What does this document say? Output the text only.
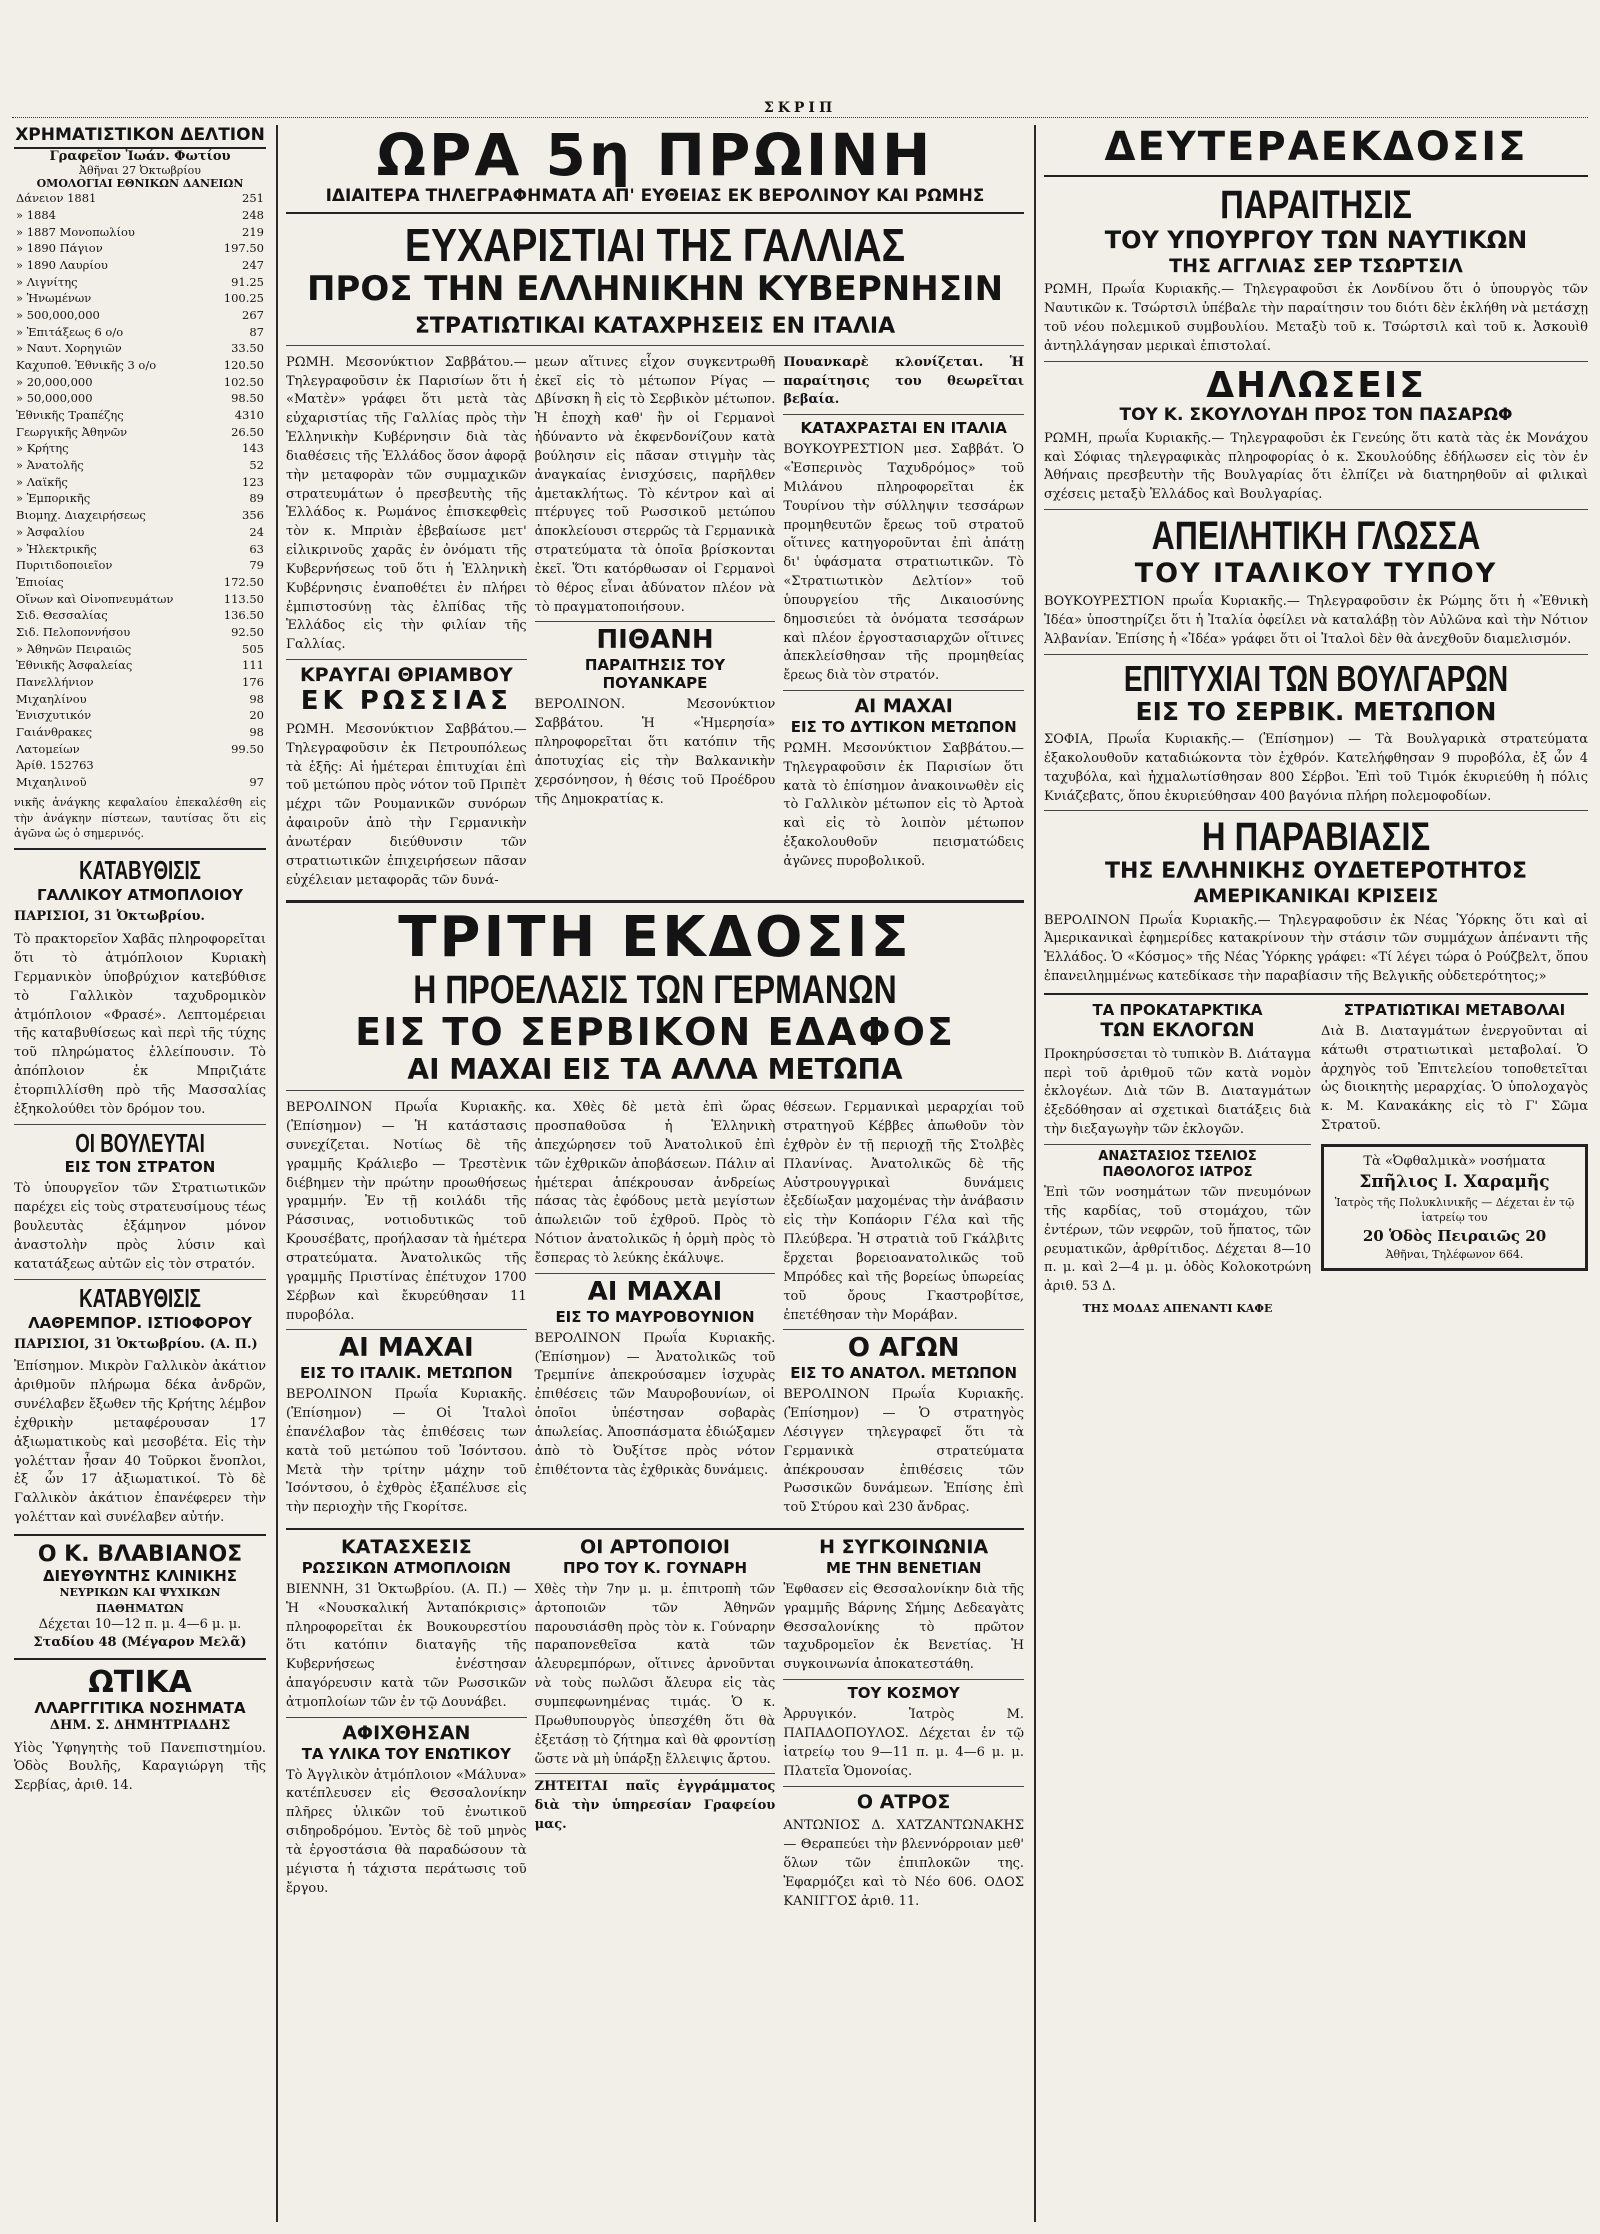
ΣΚΡΙΠ
ΧΡΗΜΑΤΙΣΤΙΚΟΝ ΔΕΛΤΙΟΝ
Γραφεῖον Ἰωάν. Φωτίου
Ἀθῆναι 27 Ὀκτωβρίου
ΟΜΟΛΟΓΙΑΙ ΕΘΝΙΚΩΝ ΔΑΝΕΙΩΝ
Δάνειον 1881	251
» 1884	248
» 1887 Μονοπωλίου	219
» 1890 Πάγιον	197.50
» 1890 Λαυρίου	247
» Λιγνίτης	91.25
» Ἡνωμένων	100.25
» 500,000,000	267
» Ἐπιτάξεως 6 ο/ο	87
» Ναυτ. Χορηγιῶν	33.50
Καχυποθ. Ἐθνικῆς 3 ο/ο	120.50
» 20,000,000	102.50
» 50,000,000	98.50
Ἐθνικῆς Τραπέζης	4310
Γεωργικῆς Ἀθηνῶν	26.50
» Κρήτης	143
» Ἀνατολῆς	52
» Λαϊκῆς	123
» Ἐμπορικῆς	89
Βιομηχ. Διαχειρήσεως	356
» Ἀσφαλίου	24
» Ἠλεκτρικῆς	63
Πυριτιδοποιεῖον	79
Ἐπιοίας	172.50
Οἴνων καὶ Οἰνοπνευμάτων	113.50
Σιδ. Θεσσαλίας	136.50
Σιδ. Πελοποννήσου	92.50
» Ἀθηνῶν Πειραιῶς	505
Ἐθνικῆς Ἀσφαλείας	111
Πανελλήνιον	176
Μιχαηλίνου	98
Ἐνισχυτικόν	20
Γαιάνθρακες	98
Λατομείων	99.50
Ἀρίθ. 152763	
Μιχαηλινοῦ	97

νικῆς ἀνάγκης κεφαλαίου ἐπεκαλέσθη εἰς τὴν ἀνάγκην πίστεων, ταυτίσας ὅτι εἰς ἀγῶνα ὡς ὁ σημερινός.

ΚΑΤΑΒΥΘΙΣΙΣ
ΓΑΛΛΙΚΟΥ ΑΤΜΟΠΛΟΙΟΥ

ΠΑΡΙΣΙΟΙ, 31 Ὀκτωβρίου.

Τὸ πρακτορεῖον Χαβᾶς πληροφορεῖται ὅτι τὸ ἀτμόπλοιον Κυριακὴ Γερμανικὸν ὑποβρύχιον κατεβύθισε τὸ Γαλλικὸν ταχυδρομικὸν ἀτμόπλοιον «Φρασέ». Λεπτομέρειαι τῆς καταβυθίσεως καὶ περὶ τῆς τύχης τοῦ πληρώματος ἐλλείπουσιν. Τὸ ἀπόπλοιον ἐκ Μπριζιάτε ἐτορπιλλίσθη πρὸ τῆς Μασσαλίας ἐξηκολούθει τὸν δρόμον του.

ΟΙ ΒΟΥΛΕΥΤΑΙ
ΕΙΣ ΤΟΝ ΣΤΡΑΤΟΝ

Τὸ ὑπουργεῖον τῶν Στρατιωτικῶν παρέχει εἰς τοὺς στρατευσίμους τέως βουλευτὰς ἐξάμηνον μόνον ἀναστολὴν πρὸς λύσιν καὶ κατατάξεως αὐτῶν εἰς τὸν στρατόν.

ΚΑΤΑΒΥΘΙΣΙΣ
ΛΑΘΡΕΜΠΟΡ. ΙΣΤΙΟΦΟΡΟΥ

ΠΑΡΙΣΙΟΙ, 31 Ὀκτωβρίου. (Α. Π.)

Ἐπίσημον. Μικρὸν Γαλλικὸν ἀκάτιον ἀριθμοῦν πλήρωμα δέκα ἀνδρῶν, συνέλαβεν ἔξωθεν τῆς Κρήτης λέμβον ἐχθρικὴν μεταφέρουσαν 17 ἀξιωματικοὺς καὶ μεσοβέτα. Εἰς τὴν γολέτταν ἦσαν 40 Τοῦρκοι ἔνοπλοι, ἐξ ὧν 17 ἀξιωματικοί. Τὸ δὲ Γαλλικὸν ἀκάτιον ἐπανέφερεν τὴν γολέτταν καὶ συνέλαβεν αὐτήν.

Ο Κ. ΒΛΑΒΙΑΝΟΣ
ΔΙΕΥΘΥΝΤΗΣ ΚΛΙΝΙΚΗΣ
ΝΕΥΡΙΚΩΝ ΚΑΙ ΨΥΧΙΚΩΝ ΠΑΘΗΜΑΤΩΝ
Δέχεται 10—12 π. μ. 4—6 μ. μ.
Σταδίου 48 (Μέγαρον Μελᾶ)
ΩΤΙΚΑ
ΛΛΑΡΓΓΙΤΙΚΑ ΝΟΣΗΜΑΤΑ
ΔΗΜ. Σ. ΔΗΜΗΤΡΙΑΔΗΣ

Υἱὸς Ὑφηγητὴς τοῦ Πανεπιστημίου. Ὁδὸς Βουλῆς, Καραγιώργη τῆς Σερβίας, ἀριθ. 14.

ΩΡΑ 5η ΠΡΩΙΝΗ
ΙΔΙΑΙΤΕΡΑ ΤΗΛΕΓΡΑΦΗΜΑΤΑ ΑΠ' ΕΥΘΕΙΑΣ ΕΚ ΒΕΡΟΛΙΝΟΥ ΚΑΙ ΡΩΜΗΣ
ΕΥΧΑΡΙΣΤΙΑΙ ΤΗΣ ΓΑΛΛΙΑΣ
ΠΡΟΣ ΤΗΝ ΕΛΛΗΝΙΚΗΝ ΚΥΒΕΡΝΗΣΙΝ
ΣΤΡΑΤΙΩΤΙΚΑΙ ΚΑΤΑΧΡΗΣΕΙΣ ΕΝ ΙΤΑΛΙΑ

ΡΩΜΗ. Μεσονύκτιον Σαββάτου.— Τηλεγραφοῦσιν ἐκ Παρισίων ὅτι ἡ «Ματὲν» γράφει ὅτι μετὰ τὰς εὐχαριστίας τῆς Γαλλίας πρὸς τὴν Ἑλληνικὴν Κυβέρνησιν διὰ τὰς διαθέσεις τῆς Ἑλλάδος ὅσον ἀφορᾷ τὴν μεταφορὰν τῶν συμμαχικῶν στρατευμάτων ὁ πρεσβευτὴς τῆς Ἑλλάδος κ. Ρωμάνος ἐπισκεφθεὶς τὸν κ. Μπριὰν ἐβεβαίωσε μετ' εἰλικρινοῦς χαρᾶς ἐν ὀνόματι τῆς Κυβερνήσεως τοῦ ὅτι ἡ Ἑλληνικὴ Κυβέρνησις ἐναποθέτει ἐν πλήρει ἐμπιστοσύνῃ τὰς ἐλπίδας τῆς Ἑλλάδος εἰς τὴν φιλίαν τῆς Γαλλίας.

ΚΡΑΥΓΑΙ ΘΡΙΑΜΒΟΥ
ΕΚ ΡΩΣΣΙΑΣ

ΡΩΜΗ. Μεσονύκτιον Σαββάτου.— Τηλεγραφοῦσιν ἐκ Πετρουπόλεως τὰ ἑξῆς: Αἱ ἡμέτεραι ἐπιτυχίαι ἐπὶ τοῦ μετώπου πρὸς νότον τοῦ Πριπὲτ μέχρι τῶν Ρουμανικῶν συνόρων ἀφαιροῦν ἀπὸ τὴν Γερμανικὴν ἀνωτέραν διεύθυνσιν τῶν στρατιωτικῶν ἐπιχειρήσεων πᾶσαν εὐχέλειαν μεταφορᾶς τῶν δυνά-

μεων αἵτινες εἶχον συγκεντρωθῆ ἐκεῖ εἰς τὸ μέτωπον Ρίγας — Δβίνσκη ἢ εἰς τὸ Σερβικὸν μέτωπον. Ἡ ἐποχὴ καθ' ἣν οἱ Γερμανοὶ ἠδύναντο νὰ ἐκφενδονίζουν κατὰ βούλησιν εἰς πᾶσαν στιγμὴν τὰς ἀναγκαίας ἐνισχύσεις, παρῆλθεν ἀμετακλήτως. Τὸ κέντρον καὶ αἱ πτέρυγες τοῦ Ρωσσικοῦ μετώπου ἀποκλείουσι στερρῶς τὰ Γερμανικὰ στρατεύματα τὰ ὁποῖα βρίσκονται ἐκεῖ. Ὅτι κατόρθωσαν οἱ Γερμανοὶ τὸ θέρος εἶναι ἀδύνατον πλέον νὰ τὸ πραγματοποιήσουν.

ΠΙΘΑΝΗ
ΠΑΡΑΙΤΗΣΙΣ ΤΟΥ ΠΟΥΑΝΚΑΡΕ

ΒΕΡΟΛΙΝΟΝ. Μεσονύκτιον Σαββάτου. Ἡ «Ἡμερησία» πληροφορεῖται ὅτι κατόπιν τῆς ἀποτυχίας εἰς τὴν Βαλκανικὴν χερσόνησον, ἡ θέσις τοῦ Προέδρου τῆς Δημοκρατίας κ.

Πουανκαρὲ κλονίζεται. Ἡ παραίτησις του θεωρεῖται βεβαία.

ΚΑΤΑΧΡΑΣΤΑΙ ΕΝ ΙΤΑΛΙΑ

ΒΟΥΚΟΥΡΕΣΤΙΟΝ μεσ. Σαββάτ. Ὁ «Ἐσπερινὸς Ταχυδρόμος» τοῦ Μιλάνου πληροφορεῖται ἐκ Τουρίνου τὴν σύλληψιν τεσσάρων προμηθευτῶν ἔρεως τοῦ στρατοῦ οἵτινες κατηγοροῦνται ἐπὶ ἀπάτῃ δι' ὑφάσματα στρατιωτικῶν. Τὸ «Στρατιωτικὸν Δελτίον» τοῦ ὑπουργείου τῆς Δικαιοσύνης δημοσιεύει τὰ ὀνόματα τεσσάρων καὶ πλέον ἐργοστασιαρχῶν οἵτινες ἀπεκλείσθησαν τῆς προμηθείας ἔρεως διὰ τὸν στρατόν.

ΑΙ ΜΑΧΑΙ
ΕΙΣ ΤΟ ΔΥΤΙΚΟΝ ΜΕΤΩΠΟΝ

ΡΩΜΗ. Μεσονύκτιον Σαββάτου.— Τηλεγραφοῦσιν ἐκ Παρισίων ὅτι κατὰ τὸ ἐπίσημον ἀνακοινωθὲν εἰς τὸ Γαλλικὸν μέτωπον εἰς τὸ Ἀρτοὰ καὶ εἰς τὸ λοιπὸν μέτωπον ἐξακολουθοῦν πεισματώδεις ἀγῶνες πυροβολικοῦ.

ΤΡΙΤΗ ΕΚΔΟΣΙΣ
Η ΠΡΟΕΛΑΣΙΣ ΤΩΝ ΓΕΡΜΑΝΩΝ
ΕΙΣ ΤΟ ΣΕΡΒΙΚΟΝ ΕΔΑΦΟΣ
ΑΙ ΜΑΧΑΙ ΕΙΣ ΤΑ ΑΛΛΑ ΜΕΤΩΠΑ

ΒΕΡΟΛΙΝΟΝ Πρωΐα Κυριακῆς. (Ἐπίσημον) — Ἡ κατάστασις συνεχίζεται. Νοτίως δὲ τῆς γραμμῆς Κράλιεβο — Τρεστὲνικ διέβημεν τὴν πρώτην προωθήσεως γραμμήν. Ἐν τῇ κοιλάδι τῆς Ράσσινας, νοτιοδυτικῶς τοῦ Κρουσέβατς, προήλασαν τὰ ἡμέτερα στρατεύματα. Ἀνατολικῶς τῆς γραμμῆς Πριστίνας ἐπέτυχον 1700 Σέρβων καὶ ἔκυρεύθησαν 11 πυροβόλα.

ΑΙ ΜΑΧΑΙ
ΕΙΣ ΤΟ ΙΤΑΛΙΚ. ΜΕΤΩΠΟΝ

ΒΕΡΟΛΙΝΟΝ Πρωΐα Κυριακῆς. (Ἐπίσημον) — Οἱ Ἰταλοὶ ἐπανέλαβον τὰς ἐπιθέσεις των κατὰ τοῦ μετώπου τοῦ Ἰσόντσου. Μετὰ τὴν τρίτην μάχην τοῦ Ἰσόντσου, ὁ ἐχθρὸς ἐξαπέλυσε εἰς τὴν περιοχὴν τῆς Γκορίτσε.

κα. Χθὲς δὲ μετὰ ἐπὶ ὥρας προσπαθοῦσα ἡ Ἑλληνικὴ ἀπεχώρησεν τοῦ Ἀνατολικοῦ ἐπὶ τῶν ἐχθρικῶν ἀποβάσεων. Πάλιν αἱ ἡμέτεραι ἀπέκρουσαν ἀνδρείως πάσας τὰς ἐφόδους μετὰ μεγίστων ἀπωλειῶν τοῦ ἐχθροῦ. Πρὸς τὸ Νότιον ἀνατολικῶς ἡ ὁρμὴ πρὸς τὸ ἔσπερας τὸ λεύκης ἐκάλυψε.

ΑΙ ΜΑΧΑΙ
ΕΙΣ ΤΟ ΜΑΥΡΟΒΟΥΝΙΟΝ

ΒΕΡΟΛΙΝΟΝ Πρωΐα Κυριακῆς. (Ἐπίσημον) — Ἀνατολικῶς τοῦ Τρεμπίνε ἀπεκρούσαμεν ἰσχυρὰς ἐπιθέσεις τῶν Μαυροβουνίων, οἱ ὁποῖοι ὑπέστησαν σοβαρὰς ἀπωλείας. Ἀποσπάσματα ἐδιώξαμεν ἀπὸ τὸ Ὀυξίτσε πρὸς νότον ἐπιθέτοντα τὰς ἐχθρικὰς δυνάμεις.

θέσεων. Γερμανικαὶ μεραρχίαι τοῦ στρατηγοῦ Κέββες ἀπωθοῦν τὸν ἐχθρὸν ἐν τῇ περιοχῇ τῆς Στολβὲς Πλανίνας. Ἀνατολικῶς δὲ τῆς Αὐστρουγγρικαὶ δυνάμεις ἐξεδίωξαν μαχομένας τὴν ἀνάβασιν εἰς τὴν Κοπάοριν Γέλα καὶ τῆς Πλεύβερα. Ἡ στρατιὰ τοῦ Γκάλβιτς ἔρχεται βορειοανατολικῶς τοῦ Μπρόδες καὶ τῆς βορείως ὑπωρείας τοῦ ὄρους Γκαστροβίτσε, ἐπετέθησαν τὴν Μοράβαν.

Ο ΑΓΩΝ
ΕΙΣ ΤΟ ΑΝΑΤΟΛ. ΜΕΤΩΠΟΝ

ΒΕΡΟΛΙΝΟΝ Πρωΐα Κυριακῆς. (Ἐπίσημον) — Ὁ στρατηγὸς Λέσιγγεν τηλεγραφεῖ ὅτι τὰ Γερμανικὰ στρατεύματα ἀπέκρουσαν ἐπιθέσεις τῶν Ρωσσικῶν δυνάμεων. Ἐπίσης ἐπὶ τοῦ Στύρου καὶ 230 ἄνδρας.

ΚΑΤΑΣΧΕΣΙΣ
ΡΩΣΣΙΚΩΝ ΑΤΜΟΠΛΟΙΩΝ

ΒΙΕΝΝΗ, 31 Ὀκτωβρίου. (Α. Π.) — Ἡ «Νουσκαλική Ἀνταπόκρισις» πληροφορεῖται ἐκ Βουκουρεστίου ὅτι κατόπιν διαταγῆς τῆς Κυβερνήσεως ἐνέστησαν ἀπαγόρευσιν κατὰ τῶν Ρωσσικῶν ἀτμοπλοίων τῶν ἐν τῷ Δουνάβει.

ΑΦΙΧΘΗΣΑΝ
ΤΑ ΥΛΙΚΑ ΤΟΥ ΕΝΩΤΙΚΟΥ

Τὸ Ἀγγλικὸν ἀτμόπλοιον «Μάλυνα» κατέπλευσεν εἰς Θεσσαλονίκην πλῆρες ὑλικῶν τοῦ ἐνωτικοῦ σιδηροδρόμου. Ἐντὸς δὲ τοῦ μηνὸς τὰ ἐργοστάσια θὰ παραδώσουν τὰ μέγιστα ἡ τάχιστα περάτωσις τοῦ ἔργου.

ΟΙ ΑΡΤΟΠΟΙΟΙ
ΠΡΟ ΤΟΥ Κ. ΓΟΥΝΑΡΗ

Χθὲς τὴν 7ην μ. μ. ἐπιτροπὴ τῶν ἀρτοποιῶν τῶν Ἀθηνῶν παρουσιάσθη πρὸς τὸν κ. Γούναρην παραπονεθεῖσα κατὰ τῶν ἀλευρεμπόρων, οἵτινες ἀρνοῦνται νὰ τοὺς πωλῶσι ἄλευρα εἰς τὰς συμπεφωνημένας τιμάς. Ὁ κ. Πρωθυπουργὸς ὑπεσχέθη ὅτι θὰ ἐξετάσῃ τὸ ζήτημα καὶ θὰ φροντίσῃ ὥστε νὰ μὴ ὑπάρξῃ ἔλλειψις ἄρτου.

ΖΗΤΕΙΤΑΙ παῖς ἐγγράμματος διὰ τὴν ὑπηρεσίαν Γραφείου μας.

Η ΣΥΓΚΟΙΝΩΝΙΑ
ΜΕ ΤΗΝ ΒΕΝΕΤΙΑΝ

Ἐφθασεν εἰς Θεσσαλονίκην διὰ τῆς γραμμῆς Βάρνης Σήμης Δεδεαγὰτς Θεσσαλονίκης τὸ πρῶτον ταχυδρομεῖον ἐκ Βενετίας. Ἡ συγκοινωνία ἀποκατεστάθη.

ΤΟΥ ΚΟΣΜΟΥ

Ἀρρυγικόν. Ἰατρὸς Μ. ΠΑΠΑΔΟΠΟΥΛΟΣ. Δέχεται ἐν τῷ ἰατρείῳ του 9—11 π. μ. 4—6 μ. μ. Πλατεῖα Ὁμονοίας.

Ο ΑΤΡΟΣ

ΑΝΤΩΝΙΟΣ Δ. ΧΑΤΖΑΝΤΩΝΑΚΗΣ — Θεραπεύει τὴν βλεννόρροιαν μεθ' ὅλων τῶν ἐπιπλοκῶν της. Ἐφαρμόζει καὶ τὸ Νέο 606. ΟΔΟΣ ΚΑΝΙΓΓΟΣ ἀριθ. 11.

ΔΕΥΤΕΡΑΕΚΔΟΣΙΣ
ΠΑΡΑΙΤΗΣΙΣ
ΤΟΥ ΥΠΟΥΡΓΟΥ ΤΩΝ ΝΑΥΤΙΚΩΝ
ΤΗΣ ΑΓΓΛΙΑΣ ΣΕΡ ΤΣΩΡΤΣΙΛ

ΡΩΜΗ, Πρωΐα Κυριακῆς.— Τηλεγραφοῦσι ἐκ Λονδίνου ὅτι ὁ ὑπουργὸς τῶν Ναυτικῶν κ. Τσώρτσιλ ὑπέβαλε τὴν παραίτησιν του διότι δὲν ἐκλήθη νὰ μετάσχῃ τοῦ νέου πολεμικοῦ συμβουλίου. Μεταξὺ τοῦ κ. Τσώρτσιλ καὶ τοῦ κ. Ἀσκουὶθ ἀντηλλάγησαν μερικαὶ ἐπιστολαί.

ΔΗΛΩΣΕΙΣ
ΤΟΥ Κ. ΣΚΟΥΛΟΥΔΗ ΠΡΟΣ ΤΟΝ ΠΑΣΑΡΩΦ

ΡΩΜΗ, πρωΐα Κυριακῆς.— Τηλεγραφοῦσι ἐκ Γενεύης ὅτι κατὰ τὰς ἐκ Μονάχου καὶ Σόφιας τηλεγραφικὰς πληροφορίας ὁ κ. Σκουλούδης ἐδήλωσεν εἰς τὸν ἐν Ἀθήναις πρεσβευτὴν τῆς Βουλγαρίας ὅτι ἐλπίζει νὰ διατηρηθοῦν αἱ φιλικαὶ σχέσεις μεταξὺ Ἑλλάδος καὶ Βουλγαρίας.

ΑΠΕΙΛΗΤΙΚΗ ΓΛΩΣΣΑ
ΤΟΥ ΙΤΑΛΙΚΟΥ ΤΥΠΟΥ

ΒΟΥΚΟΥΡΕΣΤΙΟΝ πρωΐα Κυριακῆς.— Τηλεγραφοῦσιν ἐκ Ρώμης ὅτι ἡ «Ἐθνικὴ Ἰδέα» ὑποστηρίζει ὅτι ἡ Ἰταλία ὀφείλει νὰ καταλάβῃ τὸν Αὐλῶνα καὶ τὴν Νότιον Ἀλβανίαν. Ἐπίσης ἡ «Ἰδέα» γράφει ὅτι οἱ Ἰταλοὶ δὲν θὰ ἀνεχθοῦν διαμελισμόν.

ΕΠΙΤΥΧΙΑΙ ΤΩΝ ΒΟΥΛΓΑΡΩΝ
ΕΙΣ ΤΟ ΣΕΡΒΙΚ. ΜΕΤΩΠΟΝ

ΣΟΦΙΑ, Πρωΐα Κυριακῆς.— (Ἐπίσημον) — Τὰ Βουλγαρικὰ στρατεύματα ἐξακολουθοῦν καταδιώκοντα τὸν ἐχθρόν. Κατελήφθησαν 9 πυροβόλα, ἐξ ὧν 4 ταχυβόλα, καὶ ἠχμαλωτίσθησαν 800 Σέρβοι. Ἐπὶ τοῦ Τιμόκ ἐκυριεύθη ἡ πόλις Κνιάζεβατς, ὅπου ἐκυριεύθησαν 400 βαγόνια πλήρη πολεμοφοδίων.

Η ΠΑΡΑΒΙΑΣΙΣ
ΤΗΣ ΕΛΛΗΝΙΚΗΣ ΟΥΔΕΤΕΡΟΤΗΤΟΣ
ΑΜΕΡΙΚΑΝΙΚΑΙ ΚΡΙΣΕΙΣ

ΒΕΡΟΛΙΝΟΝ Πρωΐα Κυριακῆς.— Τηλεγραφοῦσιν ἐκ Νέας Ὑόρκης ὅτι καὶ αἱ Ἀμερικανικαὶ ἐφημερίδες κατακρίνουν τὴν στάσιν τῶν συμμάχων ἀπέναντι τῆς Ἑλλάδος. Ὁ «Κόσμος» τῆς Νέας Ὑόρκης γράφει: «Τί λέγει τώρα ὁ Ρούζβελτ, ὅπου ἐπανειλημμένως κατεδίκασε τὴν παραβίασιν τῆς Βελγικῆς οὐδετερότητος;»

ΤΑ ΠΡΟΚΑΤΑΡΚΤΙΚΑ
ΤΩΝ ΕΚΛΟΓΩΝ

Προκηρύσσεται τὸ τυπικὸν Β. Διάταγμα περὶ τοῦ ἀριθμοῦ τῶν κατὰ νομὸν ἐκλογέων. Διὰ τῶν Β. Διαταγμάτων ἐξεδόθησαν αἱ σχετικαὶ διατάξεις διὰ τὴν διεξαγωγὴν τῶν ἐκλογῶν.

ΑΝΑΣΤΑΣΙΟΣ ΤΣΕΛΙΟΣ
ΠΑΘΟΛΟΓΟΣ ΙΑΤΡΟΣ

Ἐπὶ τῶν νοσημάτων τῶν πνευμόνων τῆς καρδίας, τοῦ στομάχου, τῶν ἐντέρων, τῶν νεφρῶν, τοῦ ἥπατος, τῶν ρευματικῶν, ἀρθρίτιδος. Δέχεται 8—10 π. μ. καὶ 2—4 μ. μ. ὁδὸς Κολοκοτρώνη ἀριθ. 53 Δ.

ΤΗΣ ΜΟΔΑΣ ΑΠΕΝΑΝΤΙ ΚΑΦΕ
ΣΤΡΑΤΙΩΤΙΚΑΙ ΜΕΤΑΒΟΛΑΙ

Διὰ Β. Διαταγμάτων ἐνεργοῦνται αἱ κάτωθι στρατιωτικαὶ μεταβολαί. Ὁ ἀρχηγὸς τοῦ Ἐπιτελείου τοποθετεῖται ὡς διοικητὴς μεραρχίας. Ὁ ὑπολοχαγὸς κ. Μ. Κανακάκης εἰς τὸ Γ' Σῶμα Στρατοῦ.

Τὰ «Ὀφθαλμικὰ» νοσήματα
Σπῆλιος Ι. Χαραμῆς
Ἰατρὸς τῆς Πολυκλινικῆς — Δέχεται ἐν τῷ ἰατρείῳ του
20 Ὁδὸς Πειραιῶς 20
Ἀθῆναι, Τηλέφωνον 664.
